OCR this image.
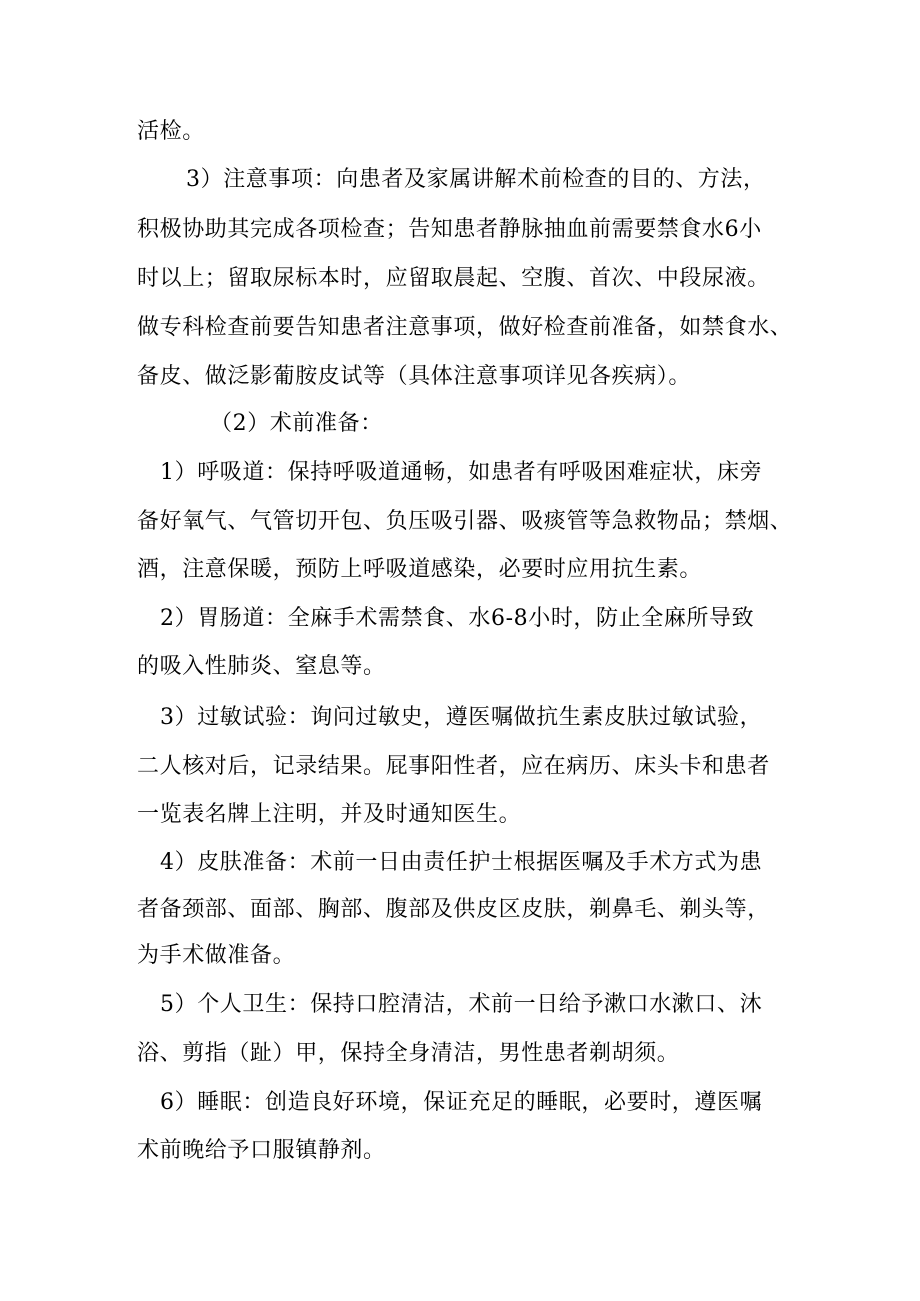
活检。
3）注意事项：向患者及家属讲解术前检查的目的、方法，
积极协助其完成各项检查；告知患者静脉抽血前需要禁食水6小
时以上；留取尿标本时，应留取晨起、空腹、首次、中段尿液。
做专科检查前要告知患者注意事项，做好检查前准备，如禁食水、
备皮、做泛影葡胺皮试等（具体注意事项详见各疾病）。
（2）术前准备：
1）呼吸道：保持呼吸道通畅，如患者有呼吸困难症状，床旁
备好氧气、气管切开包、负压吸引器、吸痰管等急救物品；禁烟、
酒，注意保暖，预防上呼吸道感染，必要时应用抗生素。
2）胃肠道：全麻手术需禁食、水6-8小时，防止全麻所导致
的吸入性肺炎、窒息等。
3）过敏试验：询问过敏史，遵医嘱做抗生素皮肤过敏试验，
二人核对后，记录结果。屁事阳性者，应在病历、床头卡和患者
一览表名牌上注明，并及时通知医生。
4）皮肤准备：术前一日由责任护士根据医嘱及手术方式为患
者备颈部、面部、胸部、腹部及供皮区皮肤，剃鼻毛、剃头等，
为手术做准备。
5）个人卫生：保持口腔清洁，术前一日给予漱口水漱口、沐
浴、剪指（趾）甲，保持全身清洁，男性患者剃胡须。
6）睡眠：创造良好环境，保证充足的睡眠，必要时，遵医嘱
术前晚给予口服镇静剂。
